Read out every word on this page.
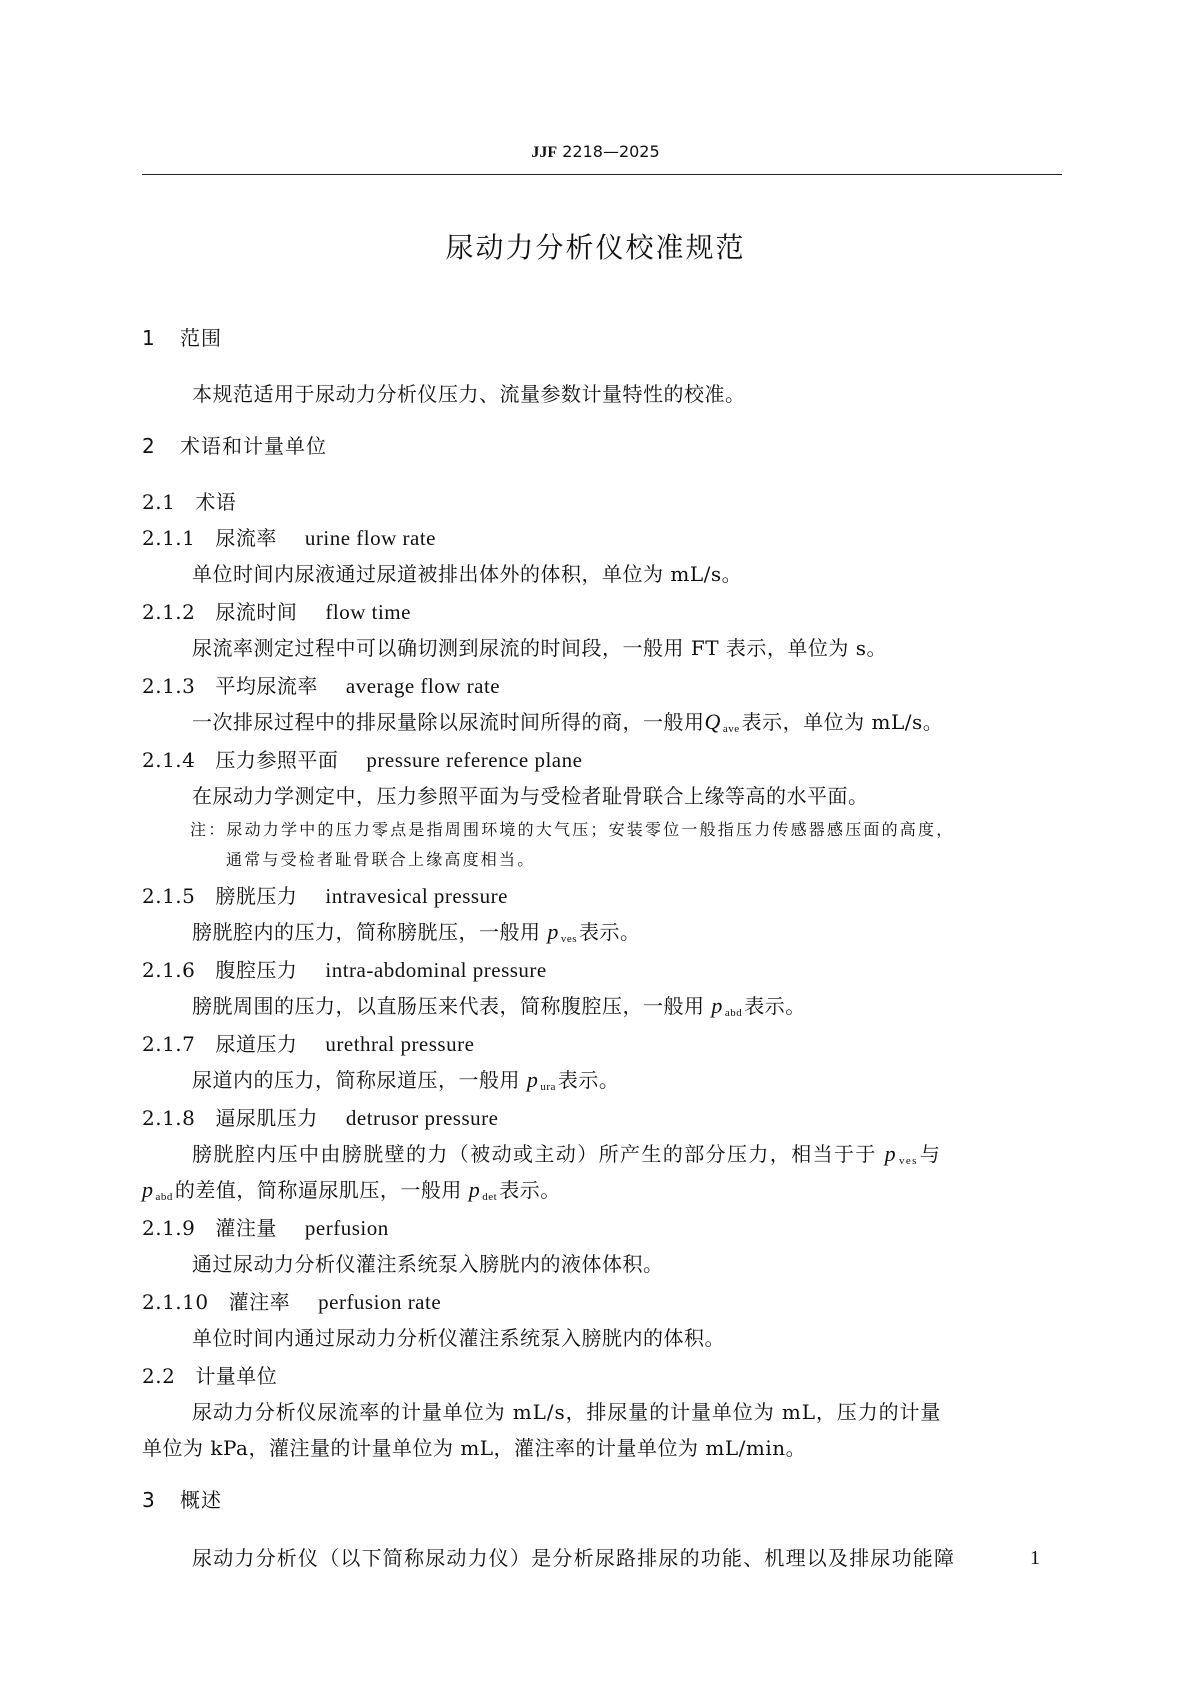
JJF 2218—2025
尿动力分析仪校准规范
1 范围
本规范适用于尿动力分析仪压力、流量参数计量特性的校准。
2 术语和计量单位
2.1 术语
2.1.1 尿流率 urine flow rate
单位时间内尿液通过尿道被排出体外的体积，单位为 mL/s。
2.1.2 尿流时间 flow time
尿流率测定过程中可以确切测到尿流的时间段，一般用 FT 表示，单位为 s。
2.1.3 平均尿流率 average flow rate
一次排尿过程中的排尿量除以尿流时间所得的商，一般用Q ave 表示，单位为 mL/s。
2.1.4 压力参照平面 pressure reference plane
在尿动力学测定中，压力参照平面为与受检者耻骨联合上缘等高的水平面。
注：尿动力学中的压力零点是指周围环境的大气压；安装零位一般指压力传感器感压面的高度，
通常与受检者耻骨联合上缘高度相当。
2.1.5 膀胱压力 intravesical pressure
膀胱腔内的压力，简称膀胱压，一般用 p ves 表示。
2.1.6 腹腔压力 intra-abdominal pressure
膀胱周围的压力，以直肠压来代表，简称腹腔压，一般用 p abd 表示。
2.1.7 尿道压力 urethral pressure
尿道内的压力，简称尿道压，一般用 p ura 表示。
2.1.8 逼尿肌压力 detrusor pressure
膀胱腔内压中由膀胱壁的力（被动或主动）所产生的部分压力，相当于于 p ves 与
pabd 的差值，简称逼尿肌压，一般用 p det 表示。
2.1.9 灌注量 perfusion
通过尿动力分析仪灌注系统泵入膀胱内的液体体积。
2.1.10 灌注率 perfusion rate
单位时间内通过尿动力分析仪灌注系统泵入膀胱内的体积。
2.2 计量单位
尿动力分析仪尿流率的计量单位为 mL/s，排尿量的计量单位为 mL，压力的计量
单位为 kPa，灌注量的计量单位为 mL，灌注率的计量单位为 mL/min。
3 概述
尿动力分析仪（以下简称尿动力仪）是分析尿路排尿的功能、机理以及排尿功能障	1
